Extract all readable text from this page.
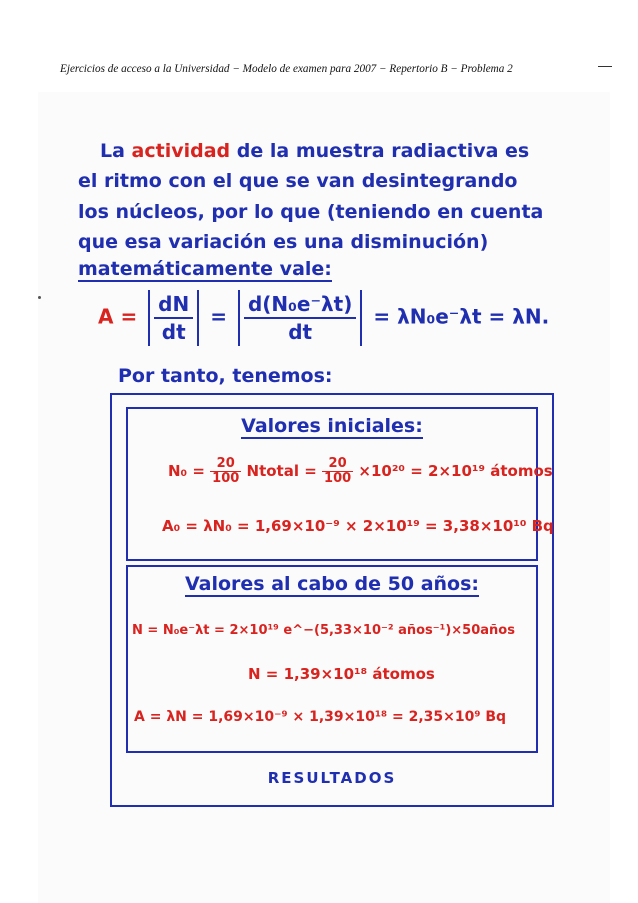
Ejercicios de acceso a la Universidad − Modelo de examen para 2007 − Repertorio B − Problema 2
La actividad de la muestra radiactiva es
el ritmo con el que se van desintegrando
los núcleos, por lo que (teniendo en cuenta
que esa variación es una disminución)
matemáticamente vale:
$A = \frac{dN}{dt} = \frac{\text{d(N₀e⁻λt)}}{dt} = \lambda N_0e^-\lambda t = \lambda N$.
Por tanto, tenemos:
Valores iniciales:
$N_0 = \frac{20}{100}$ Ntotal = $\frac{20}{100} \times 10^{20} = 2\times 10^{19}$ átomos
A₀ = λN₀ = 1,69×10⁻⁹ × 2×10¹⁹ = 3,38×10¹⁰ Bq
Valores al cabo de 50 años:
N = N₀e⁻λt = 2×10¹⁹ e^−(5,33×10⁻² años⁻¹)×50años
N = 1,39×10¹⁸ átomos
A = λN = 1,69×10⁻⁹ × 1,39×10¹⁸ = 2,35×10⁹ Bq
RESULTADOS
